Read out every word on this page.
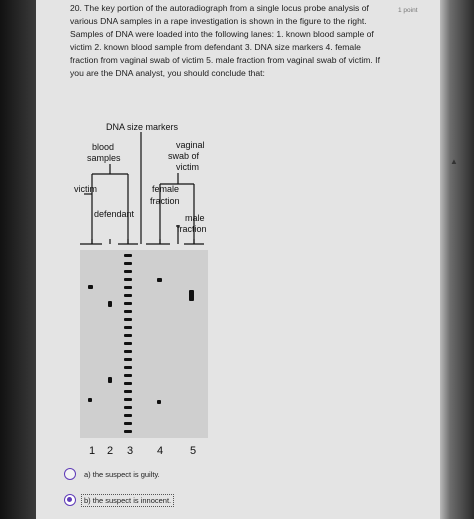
20. The key portion of the autoradiograph from a single locus probe analysis of various DNA samples in a rape investigation is shown in the figure to the right. Samples of DNA were loaded into the following lanes: 1. known blood sample of victim 2. known blood sample from defendant 3. DNA size markers 4. female fraction from vaginal swab of victim 5. male fraction from vaginal swab of victim. If you are the DNA analyst, you should conclude that:
1 point
DNA size markers
blood
samples
vaginal
swab of
victim
victim
defendant
female
fraction
male
fraction
1 2 3 4 5
a) the suspect is guilty.
b) the suspect is innocent.
▲
